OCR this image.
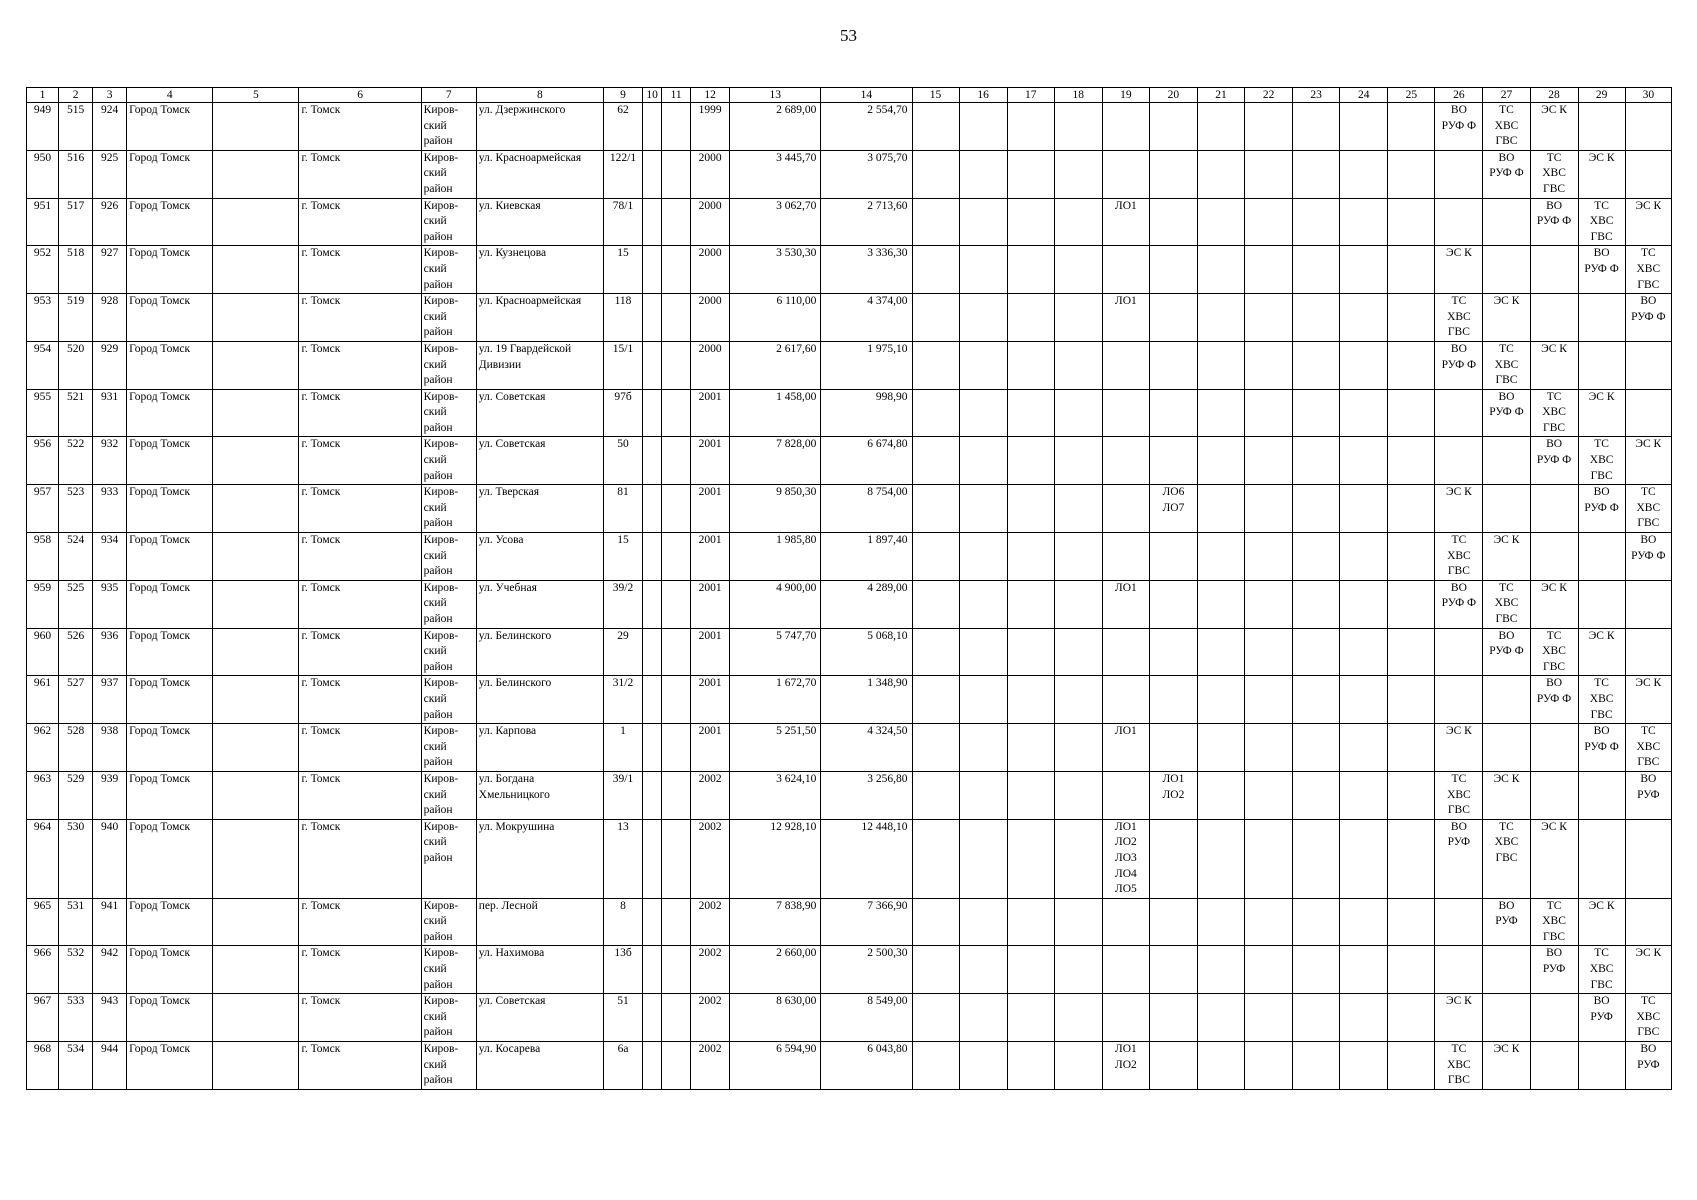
53
1	2	3	4	5	6	7	8	9	10	11	12	13	14	15	16	17	18	19	20	21	22	23	24	25	26	27	28	29	30
949	515	924	Город Томск		г. Томск	Киров-
ский
район	ул. Дзержинского	62			1999	2 689,00	2 554,70												ВО
РУФ Ф	ТС
ХВС
ГВС	ЭС К		

950	516	925	Город Томск		г. Томск	Киров-
ский
район	ул. Красноармейская	122/1			2000	3 445,70	3 075,70													ВО
РУФ Ф	ТС
ХВС
ГВС	ЭС К	

951	517	926	Город Томск		г. Томск	Киров-
ский
район	ул. Киевская	78/1			2000	3 062,70	2 713,60					ЛО1									ВО
РУФ Ф	ТС
ХВС
ГВС	ЭС К

952	518	927	Город Томск		г. Томск	Киров-
ский
район	ул. Кузнецова	15			2000	3 530,30	3 336,30												ЭС К			ВО
РУФ Ф	ТС
ХВС
ГВС

953	519	928	Город Томск		г. Томск	Киров-
ский
район	ул. Красноармейская	118			2000	6 110,00	4 374,00					ЛО1							ТС
ХВС
ГВС	ЭС К			ВО
РУФ Ф

954	520	929	Город Томск		г. Томск	Киров-
ский
район	ул. 19 Гвардейской
Дивизии	15/1			2000	2 617,60	1 975,10												ВО
РУФ Ф	ТС
ХВС
ГВС	ЭС К		

955	521	931	Город Томск		г. Томск	Киров-
ский
район	ул. Советская	97б			2001	1 458,00	998,90													ВО
РУФ Ф	ТС
ХВС
ГВС	ЭС К	

956	522	932	Город Томск		г. Томск	Киров-
ский
район	ул. Советская	50			2001	7 828,00	6 674,80														ВО
РУФ Ф	ТС
ХВС
ГВС	ЭС К

957	523	933	Город Томск		г. Томск	Киров-
ский
район	ул. Тверская	81			2001	9 850,30	8 754,00						ЛО6
ЛО7						ЭС К			ВО
РУФ Ф	ТС
ХВС
ГВС

958	524	934	Город Томск		г. Томск	Киров-
ский
район	ул. Усова	15			2001	1 985,80	1 897,40												ТС
ХВС
ГВС	ЭС К			ВО
РУФ Ф

959	525	935	Город Томск		г. Томск	Киров-
ский
район	ул. Учебная	39/2			2001	4 900,00	4 289,00					ЛО1							ВО
РУФ Ф	ТС
ХВС
ГВС	ЭС К		

960	526	936	Город Томск		г. Томск	Киров-
ский
район	ул. Белинского	29			2001	5 747,70	5 068,10													ВО
РУФ Ф	ТС
ХВС
ГВС	ЭС К	

961	527	937	Город Томск		г. Томск	Киров-
ский
район	ул. Белинского	31/2			2001	1 672,70	1 348,90														ВО
РУФ Ф	ТС
ХВС
ГВС	ЭС К

962	528	938	Город Томск		г. Томск	Киров-
ский
район	ул. Карпова	1			2001	5 251,50	4 324,50					ЛО1							ЭС К			ВО
РУФ Ф	ТС
ХВС
ГВС

963	529	939	Город Томск		г. Томск	Киров-
ский
район	ул. Богдана
Хмельницкого	39/1			2002	3 624,10	3 256,80						ЛО1
ЛО2						ТС
ХВС
ГВС	ЭС К			ВО
РУФ

964	530	940	Город Томск		г. Томск	Киров-
ский
район	ул. Мокрушина	13			2002	12 928,10	12 448,10					ЛО1
ЛО2
ЛО3
ЛО4
ЛО5							ВО
РУФ	ТС
ХВС
ГВС	ЭС К		

965	531	941	Город Томск		г. Томск	Киров-
ский
район	пер. Лесной	8			2002	7 838,90	7 366,90													ВО
РУФ	ТС
ХВС
ГВС	ЭС К	

966	532	942	Город Томск		г. Томск	Киров-
ский
район	ул. Нахимова	13б			2002	2 660,00	2 500,30														ВО
РУФ	ТС
ХВС
ГВС	ЭС К

967	533	943	Город Томск		г. Томск	Киров-
ский
район	ул. Советская	51			2002	8 630,00	8 549,00												ЭС К			ВО
РУФ	ТС
ХВС
ГВС

968	534	944	Город Томск		г. Томск	Киров-
ский
район	ул. Косарева	6а			2002	6 594,90	6 043,80					ЛО1
ЛО2							ТС
ХВС
ГВС	ЭС К			ВО
РУФ
